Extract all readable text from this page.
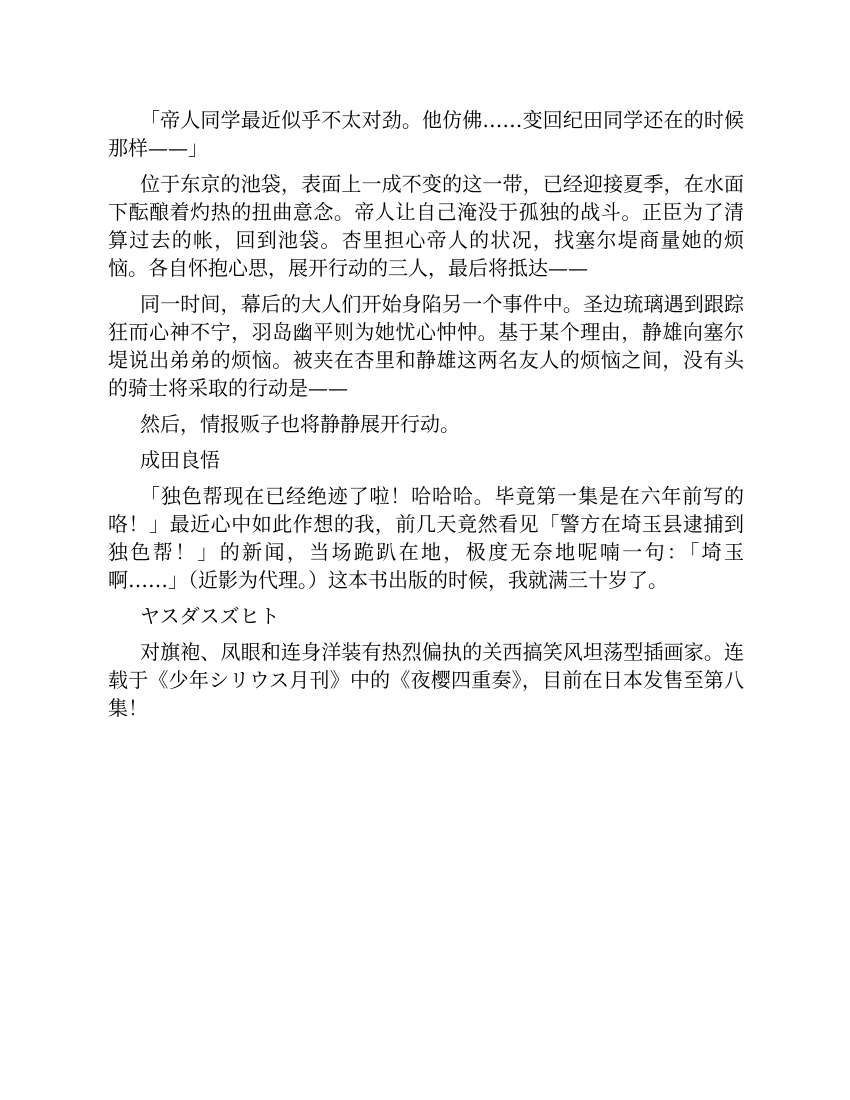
「帝人同学最近似乎不太对劲。他仿佛……变回纪田同学还在的时候那样——」

位于东京的池袋，表面上一成不变的这一带，已经迎接夏季，在水面下酝酿着灼热的扭曲意念。帝人让自己淹没于孤独的战斗。正臣为了清算过去的帐，回到池袋。杏里担心帝人的状况，找塞尔堤商量她的烦恼。各自怀抱心思，展开行动的三人，最后将抵达——

同一时间，幕后的大人们开始身陷另一个事件中。圣边琉璃遇到跟踪狂而心神不宁，羽岛幽平则为她忧心忡忡。基于某个理由，静雄向塞尔堤说出弟弟的烦恼。被夹在杏里和静雄这两名友人的烦恼之间，没有头的骑士将采取的行动是——

然后，情报贩子也将静静展开行动。

成田良悟

「独色帮现在已经绝迹了啦！哈哈哈。毕竟第一集是在六年前写的咯！」最近心中如此作想的我，前几天竟然看见「警方在埼玉县逮捕到独色帮！」的新闻，当场跪趴在地，极度无奈地呢喃一句：「埼玉啊……」（近影为代理。）这本书出版的时候，我就满三十岁了。

ヤスダスズヒト

对旗袍、凤眼和连身洋装有热烈偏执的关西搞笑风坦荡型插画家。连载于《少年シリウス月刊》中的《夜樱四重奏》，目前在日本发售至第八集！
